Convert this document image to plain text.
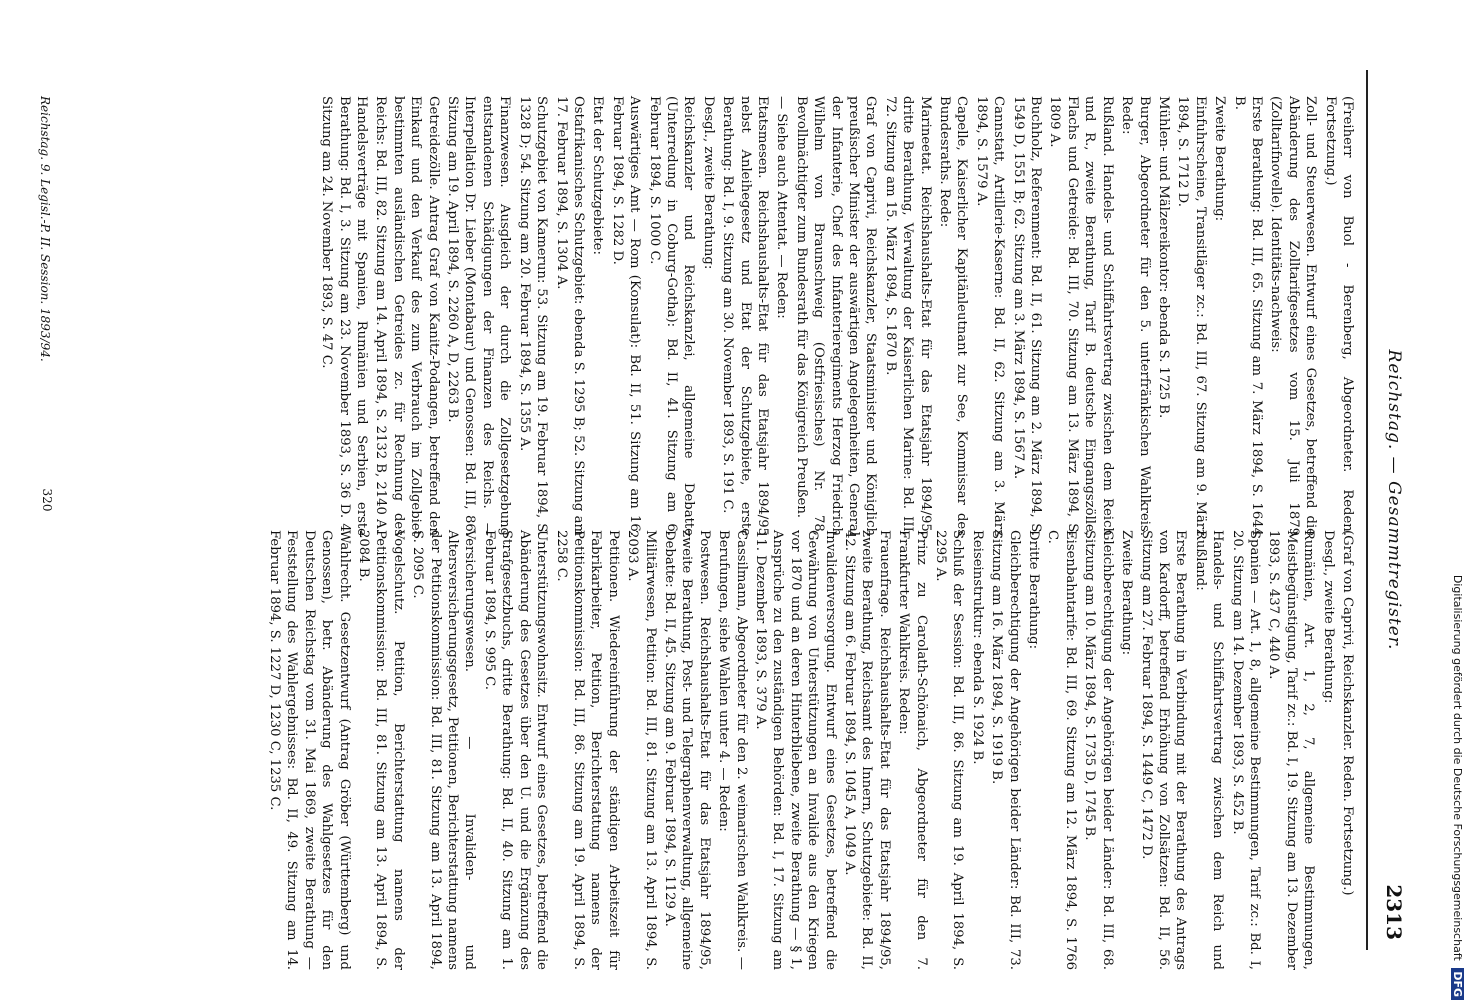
Digitalisierung gefördert durch die Deutsche Forschungsgemeinschaft DFG
Reichstag. — Gesammtregister.
2313

(Freiherr von Buol - Berenberg, Abgeordneter. Reden. Fortsetzung.)

Zoll- und Steuerwesen. Entwurf eines Gesetzes, betreffend die Abänderung des Zolltarifgesetzes vom 15. Juli 1879 (Zolltarifnovelle). Identitäts-nachweis:

Erste Berathung: Bd. III, 65. Sitzung am 7. März 1894, S. 1644 B.

Zweite Berathung:

Einfuhrscheine, Transitläger zc.: Bd. III, 67. Sitzung am 9. März 1894, S. 1712 D.

Mühlen- und Mälzereikontor: ebenda S. 1725 B.

Burger, Abgeordneter für den 5. unterfränkischen Wahlkreis. Rede:

Rußland. Handels- und Schiffahrtsvertrag zwischen dem Reich und R., zweite Berathung, Tarif B. deutsche Eingangszölle, Flachs und Getreide: Bd. III, 70. Sitzung am 13. März 1894, S. 1809 A.

Buchholz, Referenment: Bd. II, 61. Sitzung am 2. März 1894, S. 1549 D, 1551 B; 62. Sitzung am 3. März 1894, S. 1567 A.

Cannstatt, Artillerie-Kaserne: Bd. II, 62. Sitzung am 3. März 1894, S. 1579 A.

Capelle, Kaiserlicher Kapitänleutnant zur See, Kommissar des Bundesraths. Rede:

Marineetat. Reichshaushalts-Etat für das Etatsjahr 1894/95, dritte Berathung, Verwaltung der Kaiserlichen Marine: Bd. III, 72. Sitzung am 15. März 1894, S. 1870 B.

Graf von Caprivi, Reichskanzler, Staatsminister und Königlich preußischer Minister der auswärtigen Angelegenheiten, General der Infanterie, Chef des Infanterieregiments Herzog Friedrich Wilhelm von Braunschweig (Ostfriesisches) Nr. 78, Bevollmächtigter zum Bundesrath für das Königreich Preußen.

— Siehe auch Attentat. — Reden:

Etatsmesen. Reichshaushalts-Etat für das Etatsjahr 1894/95 nebst Anleihegesetz und Etat der Schutzgebiete, erste Berathung: Bd. I, 9. Sitzung am 30. November 1893, S. 191 C.

Desgl., zweite Berathung:

Reichskanzler und Reichskanzlei, allgemeine Debatte (Unterredung in Coburg-Gotha): Bd. II, 41. Sitzung am 6. Februar 1894, S. 1000 C.

Auswärtiges Amt — Rom (Konsulat): Bd. II, 51. Sitzung am 16. Februar 1894, S. 1282 D.

Etat der Schutzgebiete:

Ostafrikanisches Schutzgebiet: ebenda S. 1295 B; 52. Sitzung am 17. Februar 1894, S. 1304 A.

Schutzgebiet von Kamerun: 53. Sitzung am 19. Februar 1894, S. 1328 D; 54. Sitzung am 20. Februar 1894, S. 1355 A.

Finanzwesen. Ausgleich der durch die Zollgesetzgebung entstandenen Schädigungen der Finanzen des Reichs. — Interpellation Dr. Lieber (Montabaur) und Genossen: Bd. III, 86. Sitzung am 19. April 1894, S. 2260 A, D, 2263 B.

Getreidezölle. Antrag Graf von Kanitz-Podangen, betreffend den Einkauf und den Verkauf des zum Verbrauch im Zollgebiet bestimmten ausländischen Getreides zc. für Rechnung des Reichs: Bd. III, 82. Sitzung am 14. April 1894, S. 2132 B, 2140 A.

Handelsverträge mit Spanien, Rumänien und Serbien, erste Berathung: Bd. I, 3. Sitzung am 23. November 1893, S. 36 D. 4. Sitzung am 24. November 1893, S. 47 C.

(Graf von Caprivi, Reichskanzler. Reden. Fortsetzung.)

Desgl., zweite Berathung:

Rumänien, Art. 1, 2, 7, allgemeine Bestimmungen, Meistbegünstigung, Tarif zc.: Bd. I, 19. Sitzung am 13. Dezember 1893, S. 437 C, 440 A.

Spanien — Art. 1, 8, allgemeine Bestimmungen, Tarif zc.: Bd. I, 20. Sitzung am 14. Dezember 1893, S. 452 B.

Handels- und Schiffahrtsvertrag zwischen dem Reich und Rußland:

Erste Berathung in Verbindung mit der Berathung des Antrags von Kardorff, betreffend Erhöhung von Zollsätzen: Bd. II, 56. Sitzung am 27. Februar 1894, S. 1449 C, 1472 D.

Zweite Berathung:

Gleichberechtigung der Angehörigen beider Länder: Bd. III, 68. Sitzung am 10. März 1894, S. 1735 D, 1745 B.

Eisenbahntarife: Bd. III, 69. Sitzung am 12. März 1894, S. 1766 C.

Dritte Berathung:

Gleichberechtigung der Angehörigen beider Länder: Bd. III, 73. Sitzung am 16. März 1894, S. 1919 B.

Reiseinstruktur: ebenda S. 1924 B.

Schluß der Session: Bd. III, 86. Sitzung am 19. April 1894, S. 2295 A.

Prinz zu Carolath-Schönaich, Abgeordneter für den 7. Frankfurter Wahlkreis. Reden:

Frauenfrage. Reichshaushalts-Etat für das Etatsjahr 1894/95, zweite Berathung, Reichsamt des Innern, Schutzgebiete: Bd. II, 42. Sitzung am 6. Februar 1894, S. 1045 A, 1049 A.

Invalidenversorgung. Entwurf eines Gesetzes, betreffend die Gewährung von Unterstützungen an Invalide aus den Kriegen vor 1870 und an deren Hinterbliebene, zweite Berathung — § 1, Ansprüche zu den zuständigen Behörden: Bd. I, 17. Sitzung am 11. Dezember 1893, S. 379 A.

Cassilmann, Abgeordneter für den 2. weimarischen Wahlkreis. — Berufungen, siehe Wahlen unter 4. — Reden:

Postwesen. Reichshaushalts-Etat für das Etatsjahr 1894/95, zweite Berathung, Post- und Telegraphenverwaltung, allgemeine Debatte: Bd. II, 45. Sitzung am 9. Februar 1894, S. 1129 A.

Militärwesen, Petition: Bd. III, 81. Sitzung am 13. April 1894, S. 2093 A.

Petitionen. Wiedereinführung der ständigen Arbeitszeit für Fabrikarbeiter, Petition, Berichterstattung namens der Petitionskommission: Bd. III, 86. Sitzung am 19. April 1894, S. 2258 C.

Unterstützungswohnsitz. Entwurf eines Gesetzes, betreffend die Abänderung des Gesetzes über den U. und die Ergänzung des Strafgesetzbuchs, dritte Berathung: Bd. II, 40. Sitzung am 1. Februar 1894, S. 995 C.

Versicherungswesen. — Invaliden- und Altersversicherungsgesetz, Petitionen, Berichterstattung namens der Petitionskommission: Bd. III, 81. Sitzung am 13. April 1894, S. 2095 C.

Vogelschutz. Petition, Berichterstattung namens der Petitionskommission: Bd. III, 81. Sitzung am 13. April 1894, S. 2084 B.

Wahlrecht. Gesetzentwurf (Antrag Gröber (Württemberg) und Genossen), betr. Abänderung des Wahlgesetzes für den Deutschen Reichstag vom 31. Mai 1869, zweite Berathung — Feststellung des Wahlergebnisses: Bd. II, 49. Sitzung am 14. Februar 1894, S. 1227 D, 1230 C, 1235 C.

Reichstag. 9. Legisl.-P. II. Session. 1893/94.
320
